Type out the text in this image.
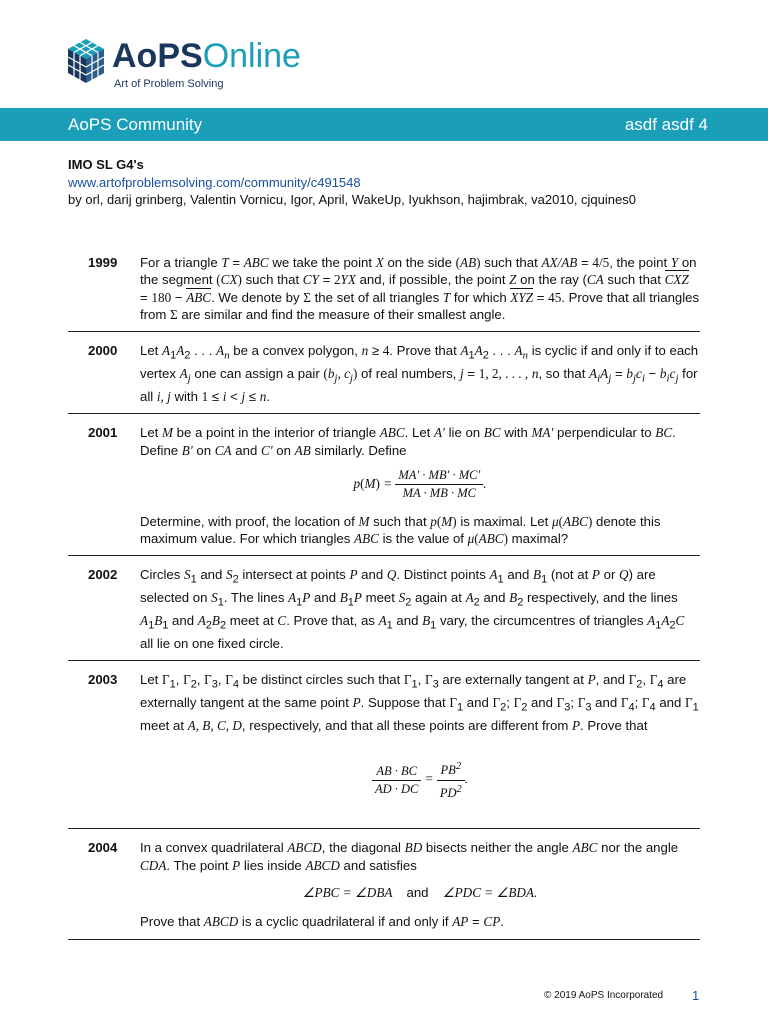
AoPSOnline
Art of Problem Solving
AoPS Community	asdf asdf 4
IMO SL G4's
www.artofproblemsolving.com/community/c491548
by orl, darij grinberg, Valentin Vornicu, Igor, April, WakeUp, Iyukhson, hajimbrak, va2010, cjquines0
1999	For a triangle T = ABC we take the point X on the side (AB) such that AX/AB = 4/5, the point Y on the segment (CX) such that CY = 2YX and, if possible, the point Z on the ray (CA such that CXZ = 180 − ABC. We denote by Σ the set of all triangles T for which XYZ = 45. Prove that all triangles from Σ are similar and find the measure of their smallest angle.

2000	Let $A_1A_2$ . . . $A_n$ be a convex polygon, n ≥ 4. Prove that $A_1A_2$ . . . $A_n$ is cyclic if and only if to each vertex $A_j$ one can assign a pair ($b_j$, $c_j$) of real numbers, j = 1, 2, . . . , n, so that $A_iA_j = b_jc_i - b_ic_j$ for all i, j with 1 ≤ i < j ≤ n.

2001	Let M be a point in the interior of triangle ABC. Let A′ lie on BC with MA′ perpendicular to BC. Define B′ on CA and C′ on AB similarly. Define

$p(M) = \frac{MA' \cdot MB' \cdot MC'}{MA \cdot MB \cdot MC}$ .

Determine, with proof, the location of M such that p(M) is maximal. Let μ(ABC) denote this maximum value. For which triangles ABC is the value of μ(ABC) maximal?

2002	Circles $S_1$ and $S_2$ intersect at points P and Q. Distinct points $A_1$ and $B_1$ (not at P or Q) are selected on $S_1$. The lines $A_1P$ and $B_1P$ meet $S_2$ again at $A_2$ and $B_2$ respectively, and the lines $A_1B_1$ and $A_2B_2$ meet at C. Prove that, as $A_1$ and $B_1$ vary, the circumcentres of triangles $A_1A_2C$ all lie on one fixed circle.

2003	Let $\Gamma_1$, $\Gamma_2$, $\Gamma_3$, $\Gamma_4$ be distinct circles such that $\Gamma_1$, $\Gamma_3$ are externally tangent at P, and $\Gamma_2$, $\Gamma_4$ are externally tangent at the same point P. Suppose that $\Gamma_1$ and $\Gamma_2$; $\Gamma_2$ and $\Gamma_3$; $\Gamma_3$ and $\Gamma_4$; $\Gamma_4$ and $\Gamma_1$ meet at A, B, C, D, respectively, and that all these points are different from P. Prove that

$\frac{AB \cdot BC}{AD \cdot DC} = \frac{PB^2}{PD^2}$ .
2004	In a convex quadrilateral ABCD, the diagonal BD bisects neither the angle ABC nor the angle CDA. The point P lies inside ABCD and satisfies

∠PBC = ∠DBA    and    ∠PDC = ∠BDA.

Prove that ABCD is a cyclic quadrilateral if and only if AP = CP.

© 2019 AoPS Incorporated 1
